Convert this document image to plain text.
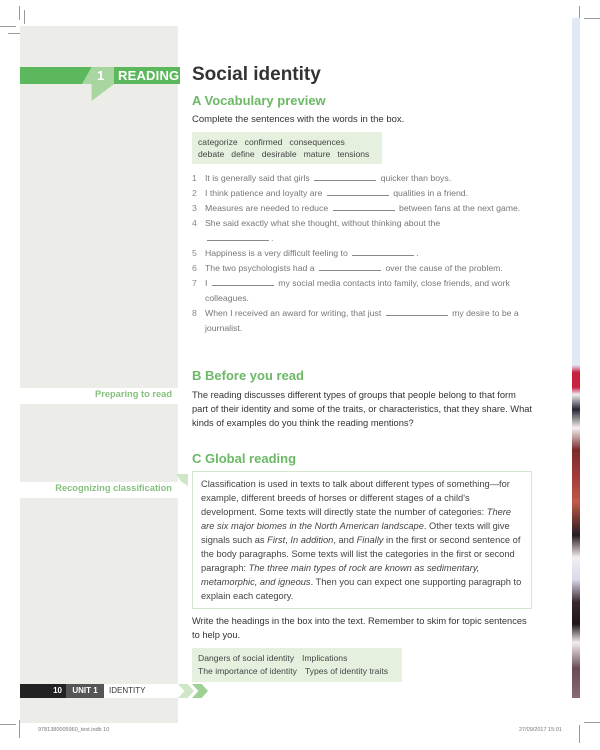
1 READING Social identity
A Vocabulary preview
Complete the sentences with the words in the box.
categorize confirmed consequences
debate define desirable mature tensions
1 It is generally said that girls	quicker than boys.
2 I think patience and loyalty are	qualities in a friend.
3 Measures are needed to reduce	between fans at the next game.
4 She said exactly what she thought, without thinking about the
.
5 Happiness is a very difficult feeling to	.
6 The two psychologists had a	over the cause of the problem.
7 I	my social media contacts into family, close friends, and work colleagues.
8 When I received an award for writing, that just	my desire to be a journalist.
B Before you read
Preparing to read The reading discusses different types of groups that people belong to that form part of their identity and some of the traits, or characteristics, that they share. What kinds of examples do you think the reading mentions?
C Global reading
Recognizing classification	Classification is used in texts to talk about different types of something—for example, different breeds of horses or different stages of a child's development. Some texts will directly state the number of categories: There are six major biomes in the North American landscape. Other texts will give signals such as First, In addition, and Finally in the first or second sentence of the body paragraphs. Some texts will list the categories in the first or second paragraph: The three main types of rock are known as sedimentary, metamorphic, and igneous. Then you can expect one supporting paragraph to explain each category.
Write the headings in the box into the text. Remember to skim for topic sentences to help you.
Dangers of social identity Implications
The importance of identity Types of identity traits
10	UNIT 1	IDENTITY
9781380005960_text.indb 10	27/09/2017 15:01
